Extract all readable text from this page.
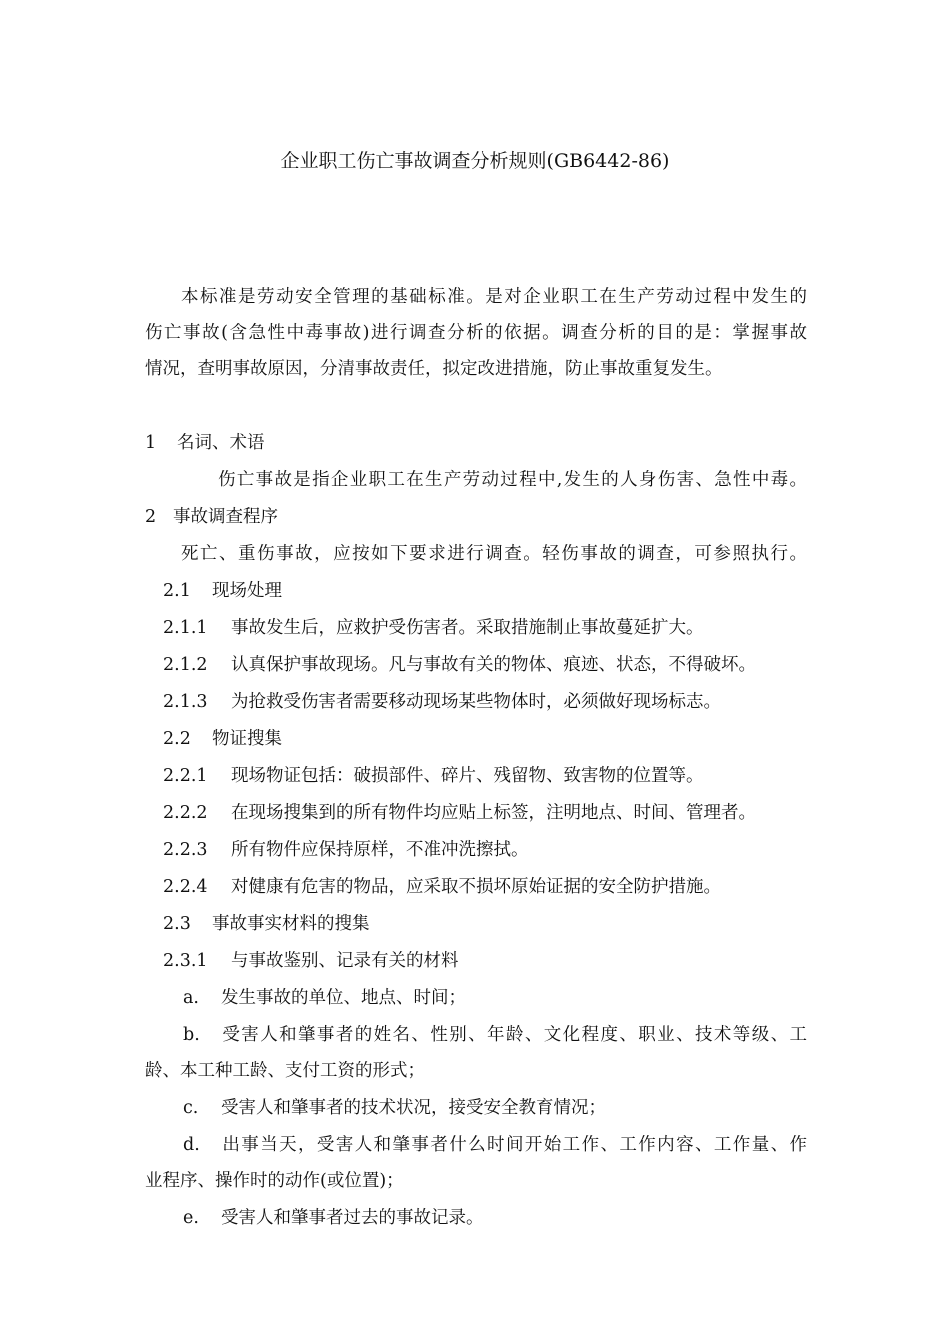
企业职工伤亡事故调查分析规则(GB6442-86)
本标准是劳动安全管理的基础标准。是对企业职工在生产劳动过程中发生的
伤亡事故(含急性中毒事故)进行调查分析的依据。调查分析的目的是：掌握事故
情况，查明事故原因，分清事故责任，拟定改进措施，防止事故重复发生。
1 名词、术语
伤亡事故是指企业职工在生产劳动过程中,发生的人身伤害、急性中毒。
2 事故调查程序
死亡、重伤事故，应按如下要求进行调查。轻伤事故的调查，可参照执行。
2.1 现场处理
2.1.1 事故发生后，应救护受伤害者。采取措施制止事故蔓延扩大。
2.1.2 认真保护事故现场。凡与事故有关的物体、痕迹、状态，不得破坏。
2.1.3 为抢救受伤害者需要移动现场某些物体时，必须做好现场标志。
2.2 物证搜集
2.2.1 现场物证包括：破损部件、碎片、残留物、致害物的位置等。
2.2.2 在现场搜集到的所有物件均应贴上标签，注明地点、时间、管理者。
2.2.3 所有物件应保持原样，不准冲洗擦拭。
2.2.4 对健康有危害的物品，应采取不损坏原始证据的安全防护措施。
2.3 事故事实材料的搜集
2.3.1 与事故鉴别、记录有关的材料
a. 发生事故的单位、地点、时间；
b. 受害人和肇事者的姓名、性别、年龄、文化程度、职业、技术等级、工
龄、本工种工龄、支付工资的形式；
c. 受害人和肇事者的技术状况，接受安全教育情况；
d. 出事当天，受害人和肇事者什么时间开始工作、工作内容、工作量、作
业程序、操作时的动作(或位置)；
e. 受害人和肇事者过去的事故记录。
